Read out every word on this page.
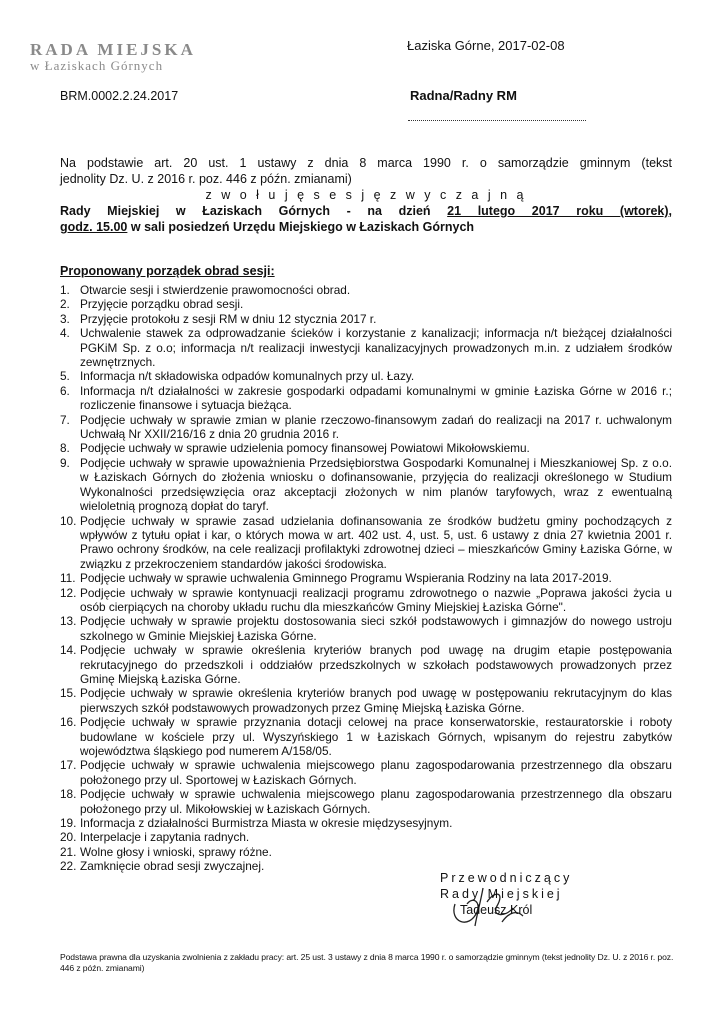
RADA MIEJSKA
w Łaziskach Górnych
Łaziska Górne, 2017-02-08
BRM.0002.2.24.2017	Radna/Radny RM
Na podstawie art. 20 ust. 1 ustawy z dnia 8 marca 1990 r. o samorządzie gminnym (tekst
jednolity Dz. U. z 2016 r. poz. 446 z późn. zmianami)
z w o ł u j ę s e s j ę z w y c z a j n ą
Rady Miejskiej w Łaziskach Górnych - na dzień 21 lutego 2017 roku (wtorek),
godz. 15.00 w sali posiedzeń Urzędu Miejskiego w Łaziskach Górnych
Proponowany porządek obrad sesji:
1. Otwarcie sesji i stwierdzenie prawomocności obrad.
2. Przyjęcie porządku obrad sesji.
3. Przyjęcie protokołu z sesji RM w dniu 12 stycznia 2017 r.
4. Uchwalenie stawek za odprowadzanie ścieków i korzystanie z kanalizacji; informacja n/t bieżącej działalności PGKiM Sp. z o.o; informacja n/t realizacji inwestycji kanalizacyjnych prowadzonych m.in. z udziałem środków zewnętrznych.
5. Informacja n/t składowiska odpadów komunalnych przy ul. Łazy.
6. Informacja n/t działalności w zakresie gospodarki odpadami komunalnymi w gminie Łaziska Górne w 2016 r.; rozliczenie finansowe i sytuacja bieżąca.
7. Podjęcie uchwały w sprawie zmian w planie rzeczowo-finansowym zadań do realizacji na 2017 r. uchwalonym Uchwałą Nr XXII/216/16 z dnia 20 grudnia 2016 r.
8. Podjęcie uchwały w sprawie udzielenia pomocy finansowej Powiatowi Mikołowskiemu.
9. Podjęcie uchwały w sprawie upoważnienia Przedsiębiorstwa Gospodarki Komunalnej i Mieszkaniowej Sp. z o.o. w Łaziskach Górnych do złożenia wniosku o dofinansowanie, przyjęcia do realizacji określonego w Studium Wykonalności przedsięwzięcia oraz akceptacji złożonych w nim planów taryfowych, wraz z ewentualną wieloletnią prognozą dopłat do taryf.
10. Podjęcie uchwały w sprawie zasad udzielania dofinansowania ze środków budżetu gminy pochodzących z wpływów z tytułu opłat i kar, o których mowa w art. 402 ust. 4, ust. 5, ust. 6 ustawy z dnia 27 kwietnia 2001 r. Prawo ochrony środków, na cele realizacji profilaktyki zdrowotnej dzieci – mieszkańców Gminy Łaziska Górne, w związku z przekroczeniem standardów jakości środowiska.
11. Podjęcie uchwały w sprawie uchwalenia Gminnego Programu Wspierania Rodziny na lata 2017-2019.
12. Podjęcie uchwały w sprawie kontynuacji realizacji programu zdrowotnego o nazwie „Poprawa jakości życia u osób cierpiących na choroby układu ruchu dla mieszkańców Gminy Miejskiej Łaziska Górne".
13. Podjęcie uchwały w sprawie projektu dostosowania sieci szkół podstawowych i gimnazjów do nowego ustroju szkolnego w Gminie Miejskiej Łaziska Górne.
14. Podjęcie uchwały w sprawie określenia kryteriów branych pod uwagę na drugim etapie postępowania rekrutacyjnego do przedszkoli i oddziałów przedszkolnych w szkołach podstawowych prowadzonych przez Gminę Miejską Łaziska Górne.
15. Podjęcie uchwały w sprawie określenia kryteriów branych pod uwagę w postępowaniu rekrutacyjnym do klas pierwszych szkół podstawowych prowadzonych przez Gminę Miejską Łaziska Górne.
16. Podjęcie uchwały w sprawie przyznania dotacji celowej na prace konserwatorskie, restauratorskie i roboty budowlane w kościele przy ul. Wyszyńskiego 1 w Łaziskach Górnych, wpisanym do rejestru zabytków województwa śląskiego pod numerem A/158/05.
17. Podjęcie uchwały w sprawie uchwalenia miejscowego planu zagospodarowania przestrzennego dla obszaru położonego przy ul. Sportowej w Łaziskach Górnych.
18. Podjęcie uchwały w sprawie uchwalenia miejscowego planu zagospodarowania przestrzennego dla obszaru położonego przy ul. Mikołowskiej w Łaziskach Górnych.
19. Informacja z działalności Burmistrza Miasta w okresie międzysesyjnym.
20. Interpelacje i zapytania radnych.
21. Wolne głosy i wnioski, sprawy różne.
22. Zamknięcie obrad sesji zwyczajnej.
Przewodniczący
Rady Miejskiej
Tadeusz Król
Podstawa prawna dla uzyskania zwolnienia z zakładu pracy: art. 25 ust. 3 ustawy z dnia 8 marca 1990 r. o samorządzie gminnym (tekst jednolity Dz. U. z 2016 r. poz. 446 z późn. zmianami)
